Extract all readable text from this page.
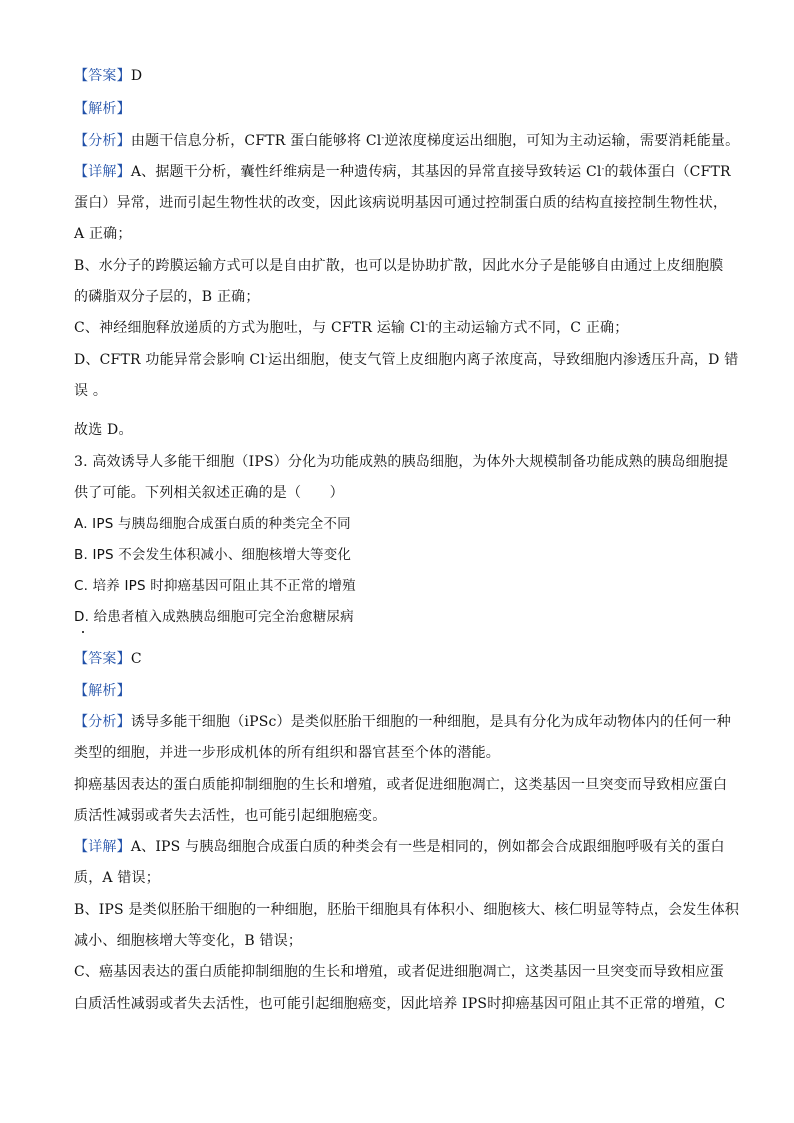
【答案】D
【解析】
【分析】由题干信息分析，CFTR 蛋白能够将 Cl-逆浓度梯度运出细胞，可知为主动运输，需要消耗能量。
【详解】A、据题干分析，囊性纤维病是一种遗传病，其基因的异常直接导致转运 Cl-的载体蛋白（CFTR
蛋白）异常，进而引起生物性状的改变，因此该病说明基因可通过控制蛋白质的结构直接控制生物性状，
A 正确；
B、水分子的跨膜运输方式可以是自由扩散，也可以是协助扩散，因此水分子是能够自由通过上皮细胞膜
的磷脂双分子层的，B 正确；
C、神经细胞释放递质的方式为胞吐，与 CFTR 运输 Cl-的主动运输方式不同，C 正确；
D、CFTR 功能异常会影响 Cl-运出细胞，使支气管上皮细胞内离子浓度高，导致细胞内渗透压升高，D 错
误 。
故选 D。
3. 高效诱导人多能干细胞（IPS）分化为功能成熟的胰岛细胞，为体外大规模制备功能成熟的胰岛细胞提
供了可能。下列相关叙述正确的是（　　）
A. IPS 与胰岛细胞合成蛋白质的种类完全不同
B. IPS 不会发生体积减小、细胞核增大等变化
C. 培养 IPS 时抑癌基因可阻止其不正常的增殖
D. 给患者植入成熟胰岛细胞可完全治愈糖尿病
【答案】C
【解析】
【分析】诱导多能干细胞（iPSc）是类似胚胎干细胞的一种细胞，是具有分化为成年动物体内的任何一种
类型的细胞，并进一步形成机体的所有组织和器官甚至个体的潜能。
抑癌基因表达的蛋白质能抑制细胞的生长和增殖，或者促进细胞凋亡，这类基因一旦突变而导致相应蛋白
质活性减弱或者失去活性，也可能引起细胞癌变。
【详解】A、IPS 与胰岛细胞合成蛋白质的种类会有一些是相同的，例如都会合成跟细胞呼吸有关的蛋白
质，A 错误；
B、IPS 是类似胚胎干细胞的一种细胞，胚胎干细胞具有体积小、细胞核大、核仁明显等特点，会发生体积
减小、细胞核增大等变化，B 错误；
C、癌基因表达的蛋白质能抑制细胞的生长和增殖，或者促进细胞凋亡，这类基因一旦突变而导致相应蛋
白质活性减弱或者失去活性，也可能引起细胞癌变，因此培养 IPS时抑癌基因可阻止其不正常的增殖，C
